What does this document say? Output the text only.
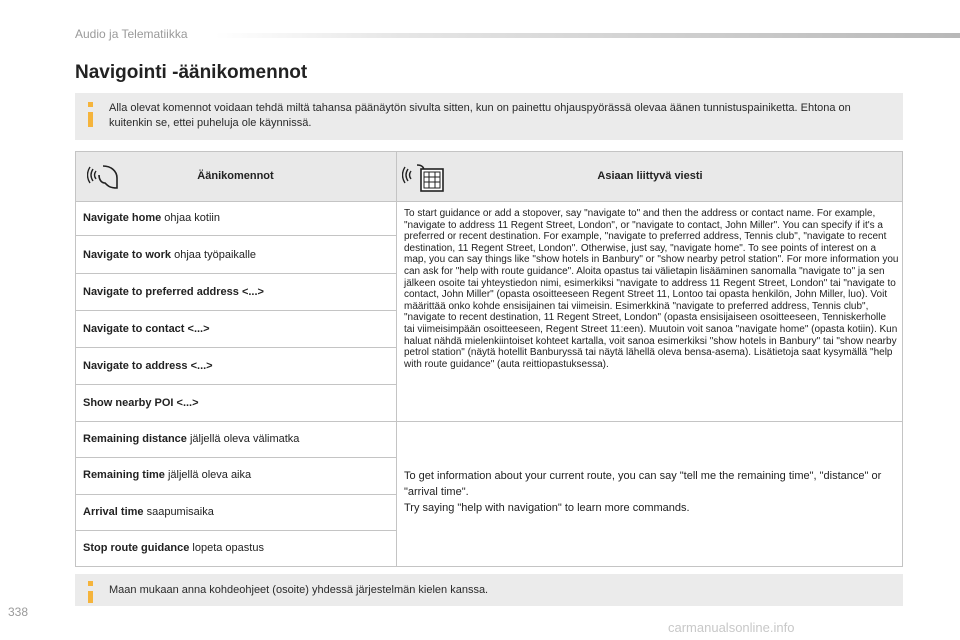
Audio ja Telematiikka
Navigointi -äänikomennot

Alla olevat komennot voidaan tehdä miltä tahansa päänäytön sivulta sitten, kun on painettu ohjauspyörässä olevaa äänen tunnistuspainiketta. Ehtona on kuitenkin se, ettei puheluja ole käynnissä.

Äänikomennot	Asiaan liittyvä viesti
Navigate home ohjaa kotiin
Navigate to work ohjaa työpaikalle
Navigate to preferred address <...>
Navigate to contact <...>
Navigate to address <...>
Show nearby POI <...>
To start guidance or add a stopover, say "navigate to" and then the address or contact name. For example, "navigate to address 11 Regent Street, London", or "navigate to contact, John Miller". You can specify if it's a preferred or recent destination. For example, "navigate to preferred address, Tennis club", "navigate to recent destination, 11 Regent Street, London". Otherwise, just say, "navigate home". To see points of interest on a map, you can say things like "show hotels in Banbury" or "show nearby petrol station". For more information you can ask for "help with route guidance". Aloita opastus tai välietapin lisääminen sanomalla "navigate to" ja sen jälkeen osoite tai yhteystiedon nimi, esimerkiksi "navigate to address 11 Regent Street, London" tai "navigate to contact, John Miller" (opasta osoitteeseen Regent Street 11, Lontoo tai opasta henkilön, John Miller, luo). Voit määrittää onko kohde ensisijainen tai viimeisin. Esimerkkinä "navigate to preferred address, Tennis club", "navigate to recent destination, 11 Regent Street, London" (opasta ensisijaiseen osoitteeseen, Tenniskerholle tai viimeisimpään osoitteeseen, Regent Street 11:een). Muutoin voit sanoa "navigate home" (opasta kotiin). Kun haluat nähdä mielenkiintoiset kohteet kartalla, voit sanoa esimerkiksi "show hotels in Banbury" tai "show nearby petrol station" (näytä hotellit Banburyssä tai näytä lähellä oleva bensa-asema). Lisätietoja saat kysymällä "help with route guidance" (auta reittiopastuksessa).
Remaining distance jäljellä oleva välimatka
Remaining time jäljellä oleva aika
Arrival time saapumisaika
Stop route guidance lopeta opastus
To get information about your current route, you can say "tell me the remaining time", "distance" or "arrival time".
Try saying "help with navigation" to learn more commands.

Maan mukaan anna kohdeohjeet (osoite) yhdessä järjestelmän kielen kanssa.

338
carmanualsonline.info
